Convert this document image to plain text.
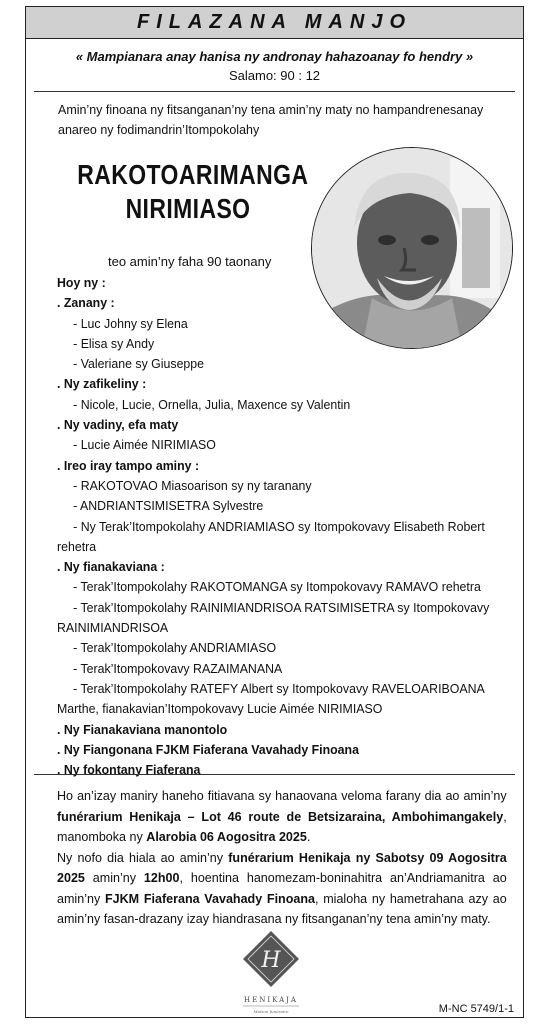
FILAZANA MANJO
« Mampianara anay hanisa ny andronay hahazoanay fo hendry »
Salamo: 90 : 12
Amin’ny finoana ny fitsanganan’ny tena amin’ny maty no hampandrenesanay anareo ny fodimandrin’Itompokolahy
RAKOTOARIMANGA
NIRIMIASO
teo amin’ny faha 90 taonany
Hoy ny :
. Zanany :
- Luc Johny sy Elena
- Elisa sy Andy
- Valeriane sy Giuseppe
. Ny zafikeliny :
- Nicole, Lucie, Ornella, Julia, Maxence sy Valentin
. Ny vadiny, efa maty
- Lucie Aimée NIRIMIASO
. Ireo iray tampo aminy :
- RAKOTOVAO Miasoarison sy ny taranany
- ANDRIANTSIMISETRA Sylvestre
- Ny Terak’Itompokolahy ANDRIAMIASO sy Itompokovavy Elisabeth Robert
rehetra
. Ny fianakaviana :
- Terak’Itompokolahy RAKOTOMANGA sy Itompokovavy RAMAVO rehetra
- Terak’Itompokolahy RAINIMIANDRISOA RATSIMISETRA sy Itompokovavy
RAINIMIANDRISOA
- Terak’Itompokolahy ANDRIAMIASO
- Terak’Itompokovavy RAZAIMANANA
- Terak’Itompokolahy RATEFY Albert sy Itompokovavy RAVELOARIBOANA
Marthe, fianakavian’Itompokovavy Lucie Aimée NIRIMIASO
. Ny Fianakaviana manontolo
. Ny Fiangonana FJKM Fiaferana Vavahady Finoana
. Ny fokontany Fiaferana
Ho an’izay maniry haneho fitiavana sy hanaovana veloma farany dia ao amin’ny funérarium Henikaja – Lot 46 route de Betsizaraina, Ambohimangakely, manomboka ny Alarobia 06 Aogositra 2025.
Ny nofo dia hiala ao amin’ny funérarium Henikaja ny Sabotsy 09 Aogositra 2025 amin’ny 12h00, hoentina hanomezam-boninahitra an’Andriamanitra ao amin’ny FJKM Fiaferana Vavahady Finoana, mialoha ny hametrahana azy ao amin’ny fasan-drazany izay hiandrasana ny fitsanganan’ny tena amin’ny maty.
H
HENIKAJA
Maison funéraire	M-NC 5749/1-1
